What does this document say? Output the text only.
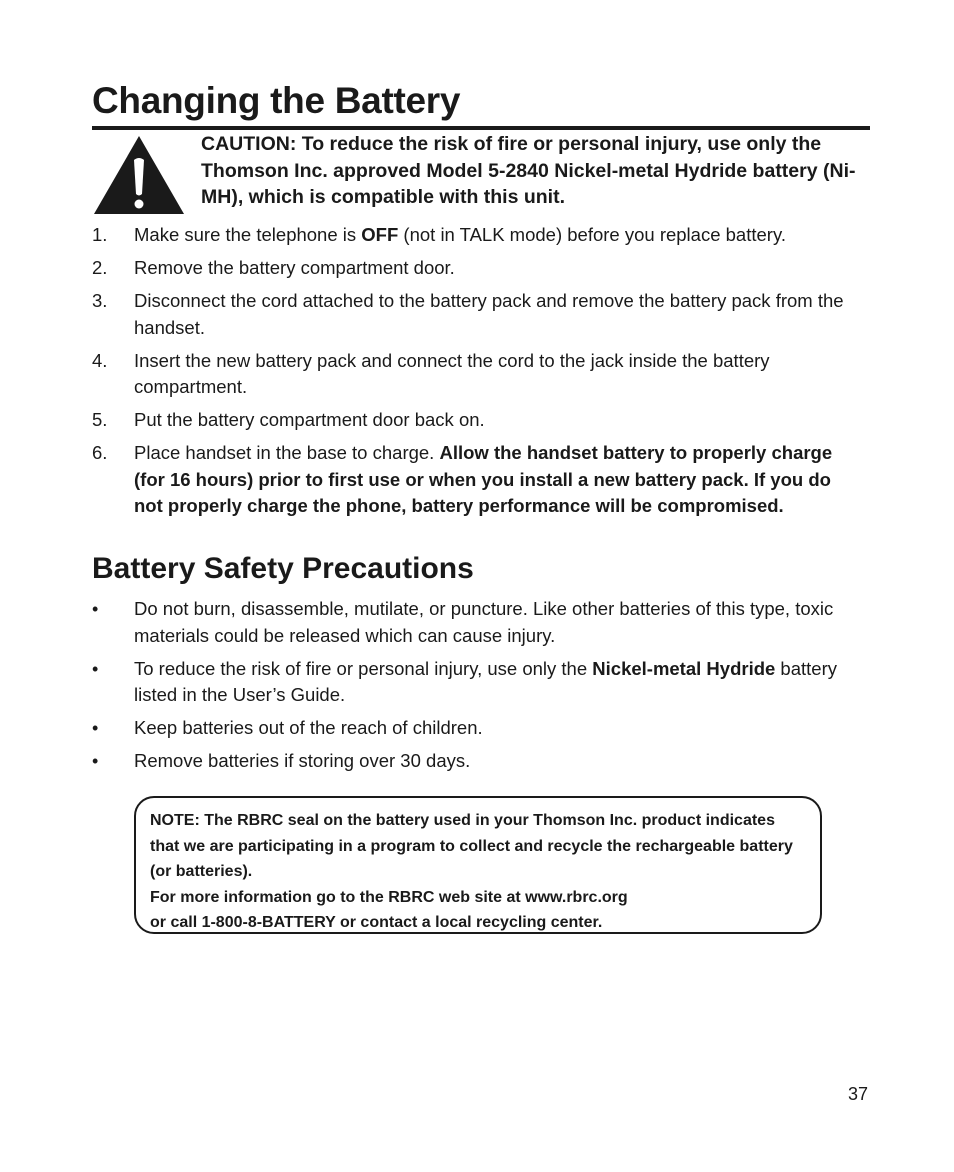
Changing the Battery

CAUTION: To reduce the risk of fire or personal injury, use only the Thomson Inc. approved Model 5-2840 Nickel-metal Hydride battery (Ni-MH), which is compatible with this unit.

1. Make sure the telephone is OFF (not in TALK mode) before you replace battery.
2. Remove the battery compartment door.
3. Disconnect the cord attached to the battery pack and remove the battery pack from the handset.
4. Insert the new battery pack and connect the cord to the jack inside the battery compartment.
5. Put the battery compartment door back on.
6. Place handset in the base to charge. Allow the handset battery to properly charge (for 16 hours) prior to first use or when you install a new battery pack. If you do not properly charge the phone, battery performance will be compromised.
Battery Safety Precautions
• Do not burn, disassemble, mutilate, or puncture. Like other batteries of this type, toxic materials could be released which can cause injury.
• To reduce the risk of fire or personal injury, use only the Nickel-metal Hydride battery listed in the User’s Guide.
• Keep batteries out of the reach of children.
• Remove batteries if storing over 30 days.

NOTE: The RBRC seal on the battery used in your Thomson Inc. product indicates that we are participating in a program to collect and recycle the rechargeable battery (or batteries).

For more information go to the RBRC web site at www.rbrc.org

or call 1-800-8-BATTERY or contact a local recycling center.

37
